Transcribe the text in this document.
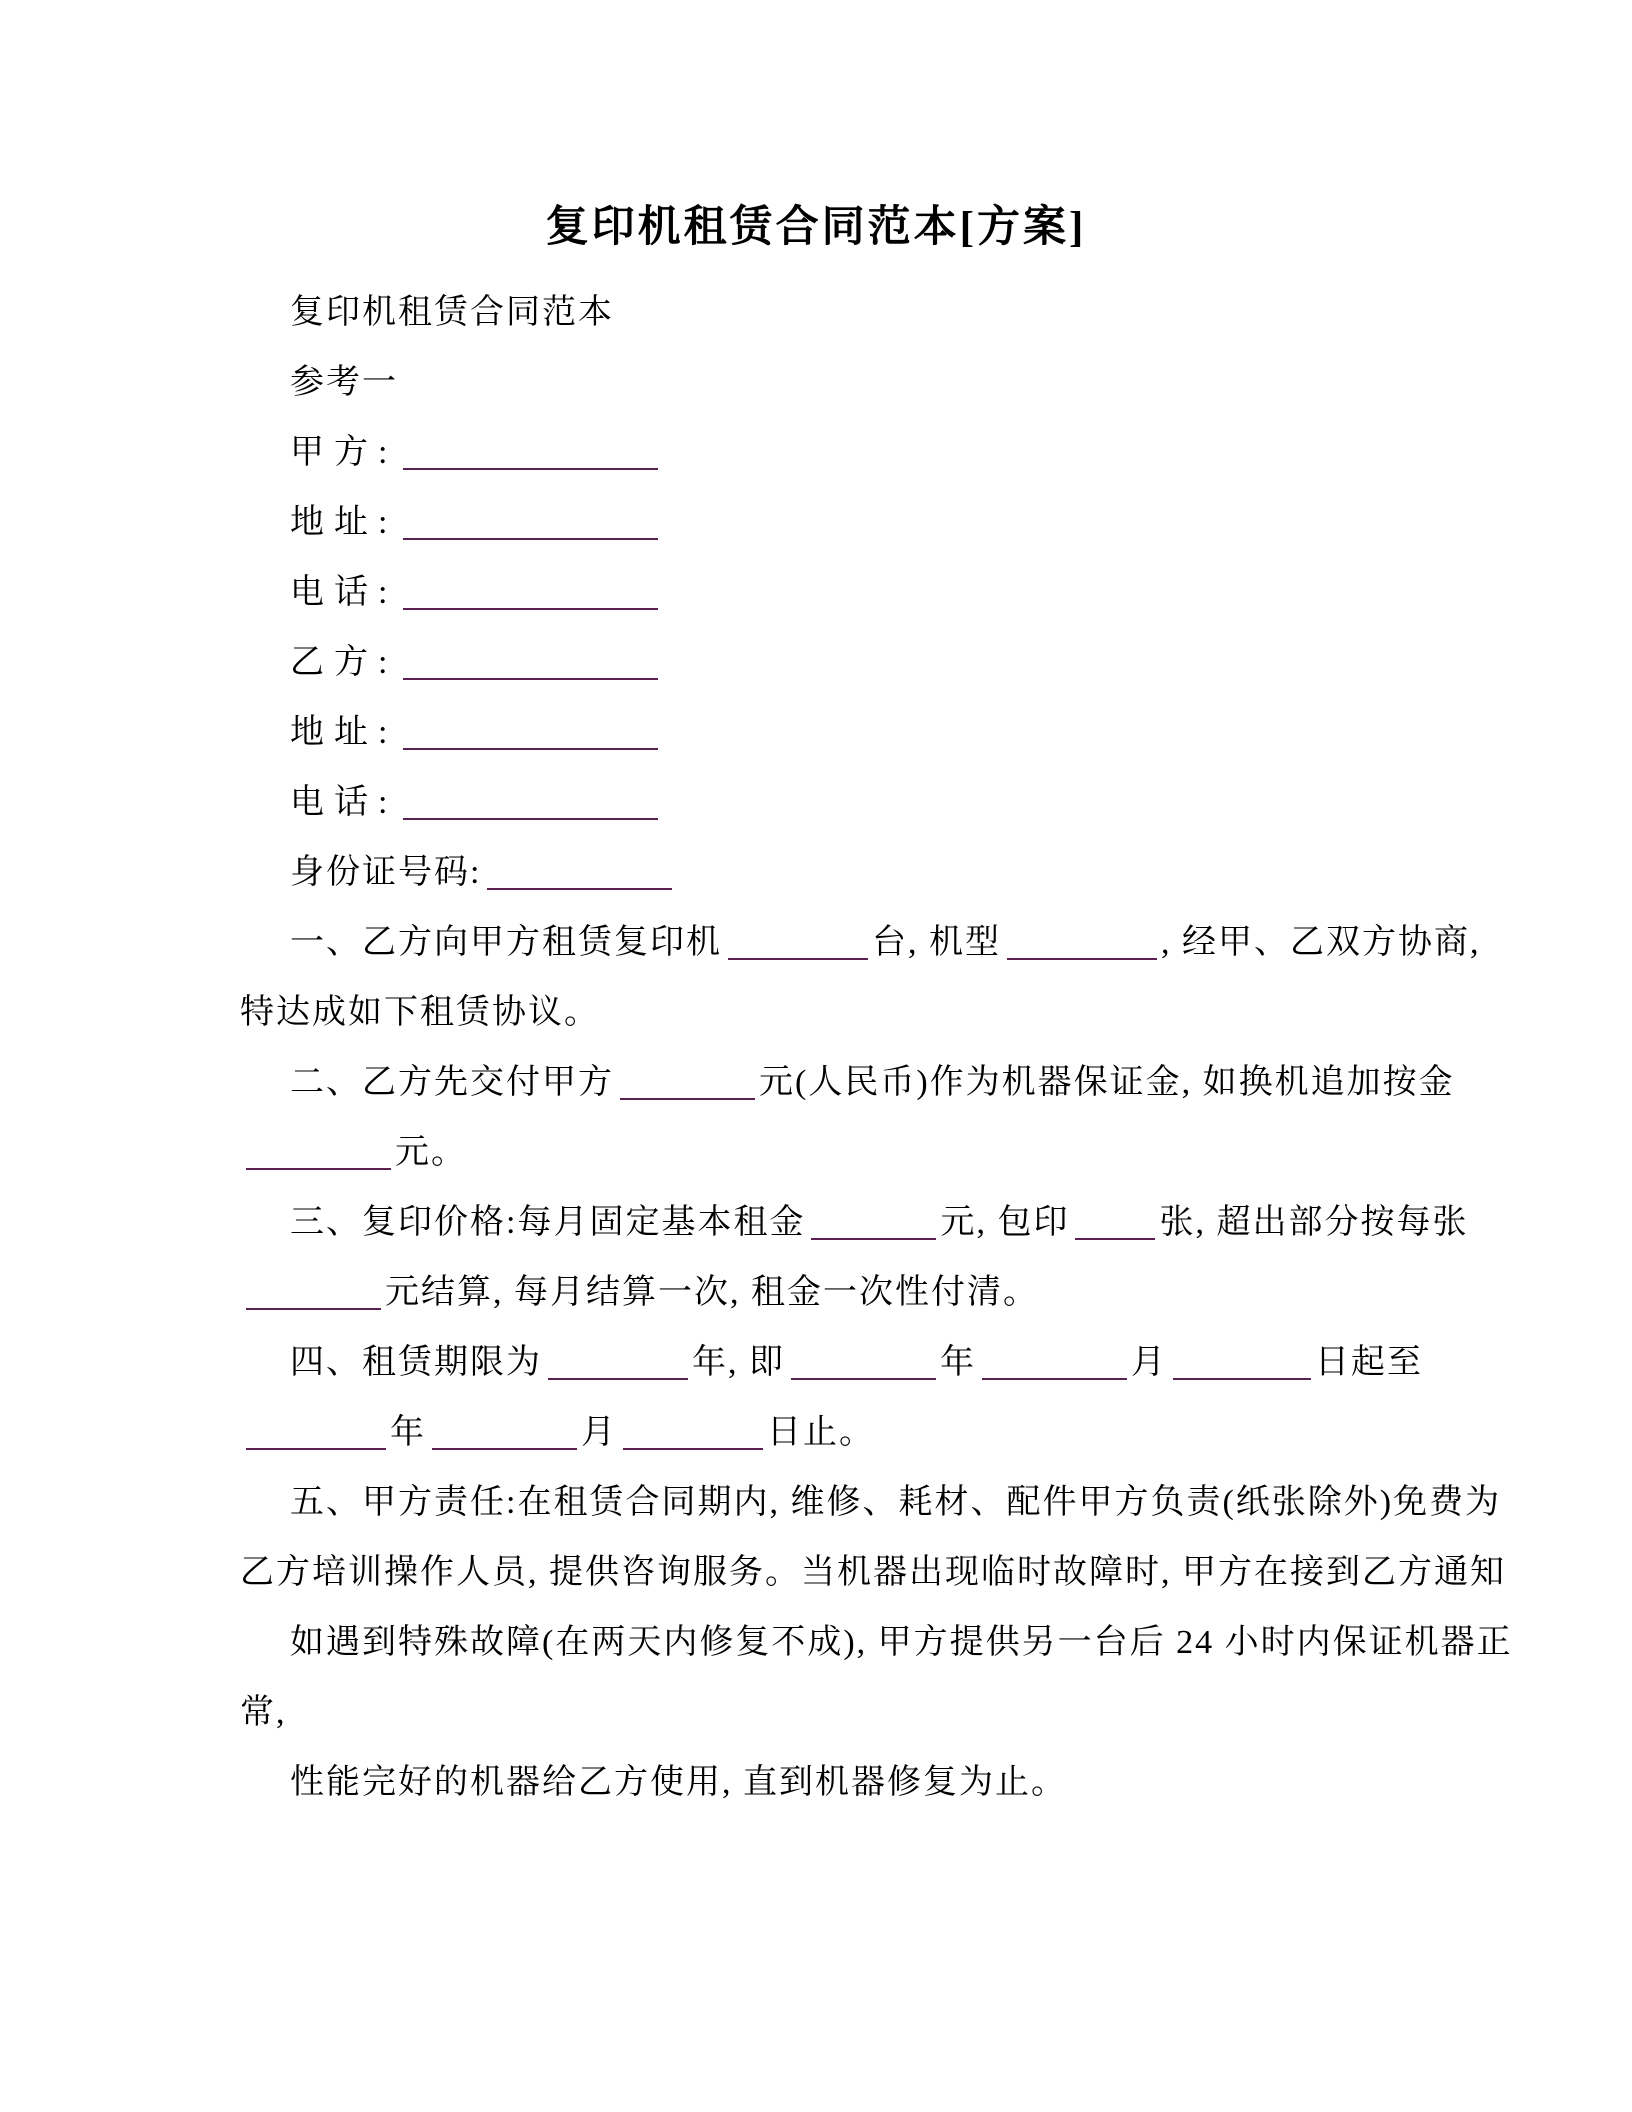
复印机租赁合同范本[方案]
复印机租赁合同范本
参考一
甲方:
地址:
电话:
乙方:
地址:
电话:
身份证号码:
一、乙方向甲方租赁复印机	台, 机型	, 经甲、乙双方协商,
特达成如下租赁协议。
二、乙方先交付甲方	元(人民币)作为机器保证金, 如换机追加按金
元。
三、复印价格:每月固定基本租金	元, 包印	张, 超出部分按每张
元结算, 每月结算一次, 租金一次性付清。
四、租赁期限为	年, 即	年	月	日起至
年	月	日止。
五、甲方责任:在租赁合同期内, 维修、耗材、配件甲方负责(纸张除外)免费为
乙方培训操作人员, 提供咨询服务。当机器出现临时故障时, 甲方在接到乙方通知
如遇到特殊故障(在两天内修复不成), 甲方提供另一台后 24 小时内保证机器正
常,
性能完好的机器给乙方使用, 直到机器修复为止。
